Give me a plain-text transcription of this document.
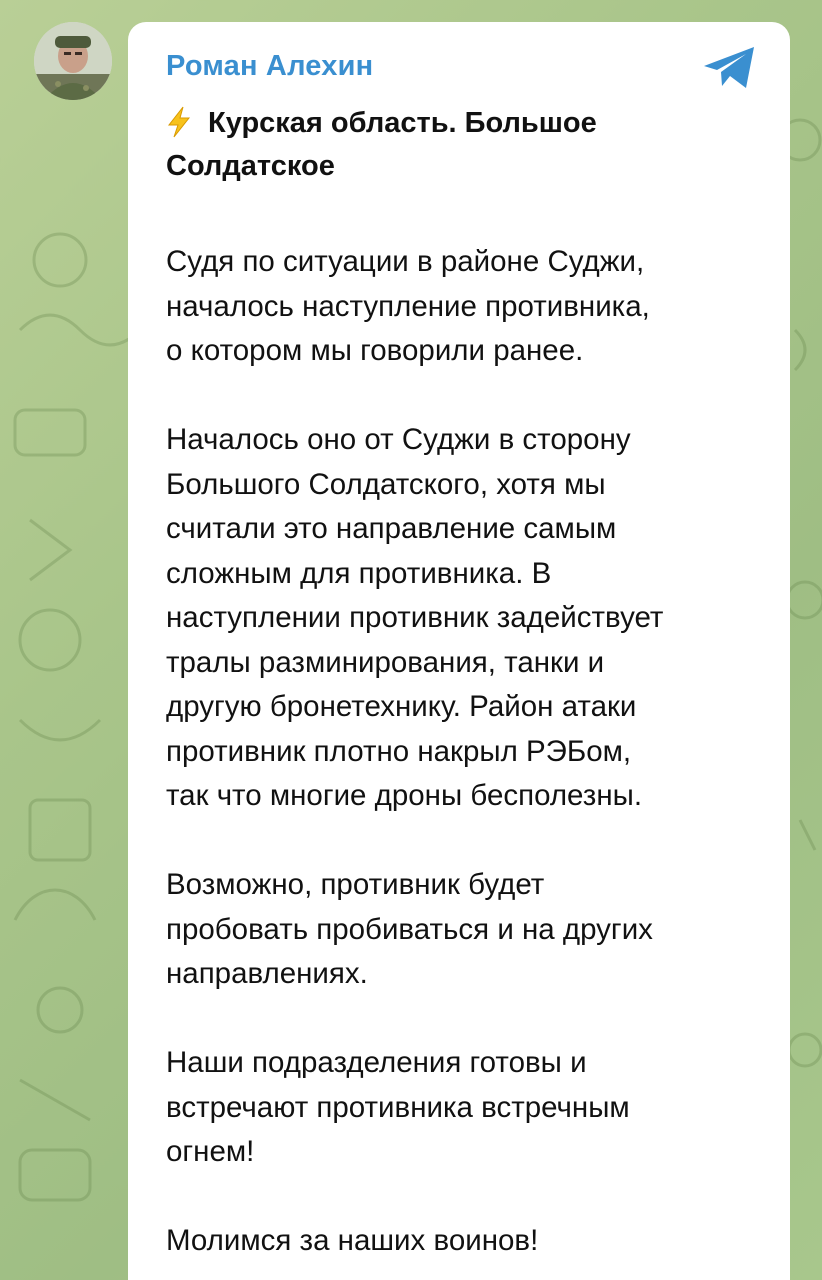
Роман Алехин
Курская область. Большое
Солдатское

Судя по ситуации в районе Суджи,
началось наступление противника,
о котором мы говорили ранее.

Началось оно от Суджи в сторону
Большого Солдатского, хотя мы
считали это направление самым
сложным для противника. В
наступлении противник задействует
тралы разминирования, танки и
другую бронетехнику. Район атаки
противник плотно накрыл РЭБом,
так что многие дроны бесполезны.

Возможно, противник будет
пробовать пробиваться и на других
направлениях.

Наши подразделения готовы и
встречают противника встречным
огнем!

Молимся за наших воинов!
